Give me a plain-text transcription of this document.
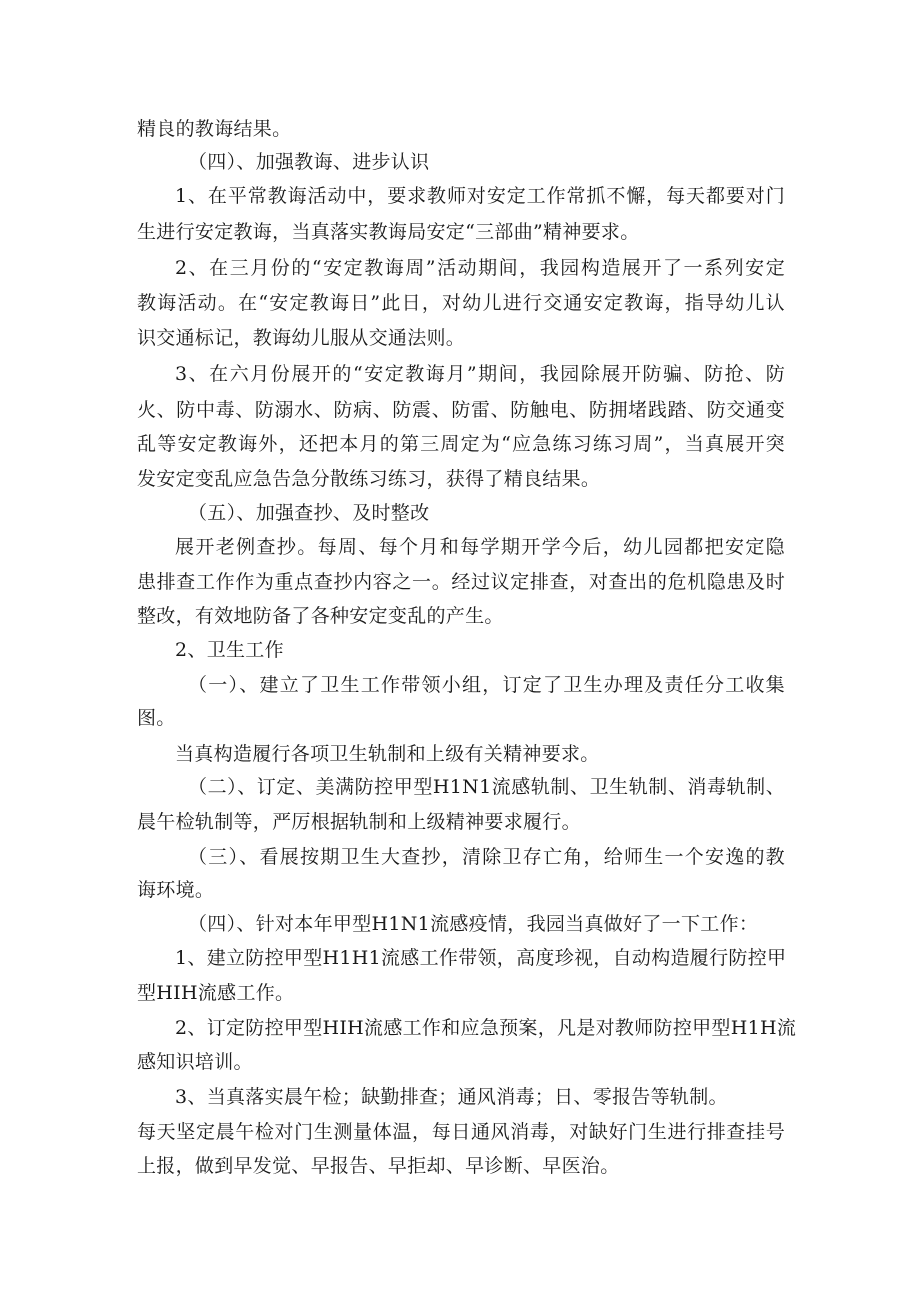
精良的教诲结果。
（四）、加强教诲、进步认识
1、在平常教诲活动中，要求教师对安定工作常抓不懈，每天都要对门
生进行安定教诲，当真落实教诲局安定“三部曲”精神要求。
2、在三月份的“安定教诲周”活动期间，我园构造展开了一系列安定
教诲活动。在“安定教诲日”此日，对幼儿进行交通安定教诲，指导幼儿认
识交通标记，教诲幼儿服从交通法则。
3、在六月份展开的“安定教诲月”期间，我园除展开防骗、防抢、防
火、防中毒、防溺水、防病、防震、防雷、防触电、防拥堵践踏、防交通变
乱等安定教诲外，还把本月的第三周定为“应急练习练习周”，当真展开突
发安定变乱应急告急分散练习练习，获得了精良结果。
（五）、加强查抄、及时整改
展开老例查抄。每周、每个月和每学期开学今后，幼儿园都把安定隐
患排查工作作为重点查抄内容之一。经过议定排查，对查出的危机隐患及时
整改，有效地防备了各种安定变乱的产生。
2、卫生工作
（一）、建立了卫生工作带领小组，订定了卫生办理及责任分工收集
图。
当真构造履行各项卫生轨制和上级有关精神要求。
（二）、订定、美满防控甲型H1N1流感轨制、卫生轨制、消毒轨制、
晨午检轨制等，严厉根据轨制和上级精神要求履行。
（三）、看展按期卫生大查抄，清除卫存亡角，给师生一个安逸的教
诲环境。
（四）、针对本年甲型H1N1流感疫情，我园当真做好了一下工作：
1、建立防控甲型H1H1流感工作带领，高度珍视，自动构造履行防控甲
型HIH流感工作。
2、订定防控甲型HIH流感工作和应急预案，凡是对教师防控甲型H1H流
感知识培训。
3、当真落实晨午检；缺勤排查；通风消毒；日、零报告等轨制。
每天坚定晨午检对门生测量体温，每日通风消毒，对缺好门生进行排查挂号
上报，做到早发觉、早报告、早拒却、早诊断、早医治。
